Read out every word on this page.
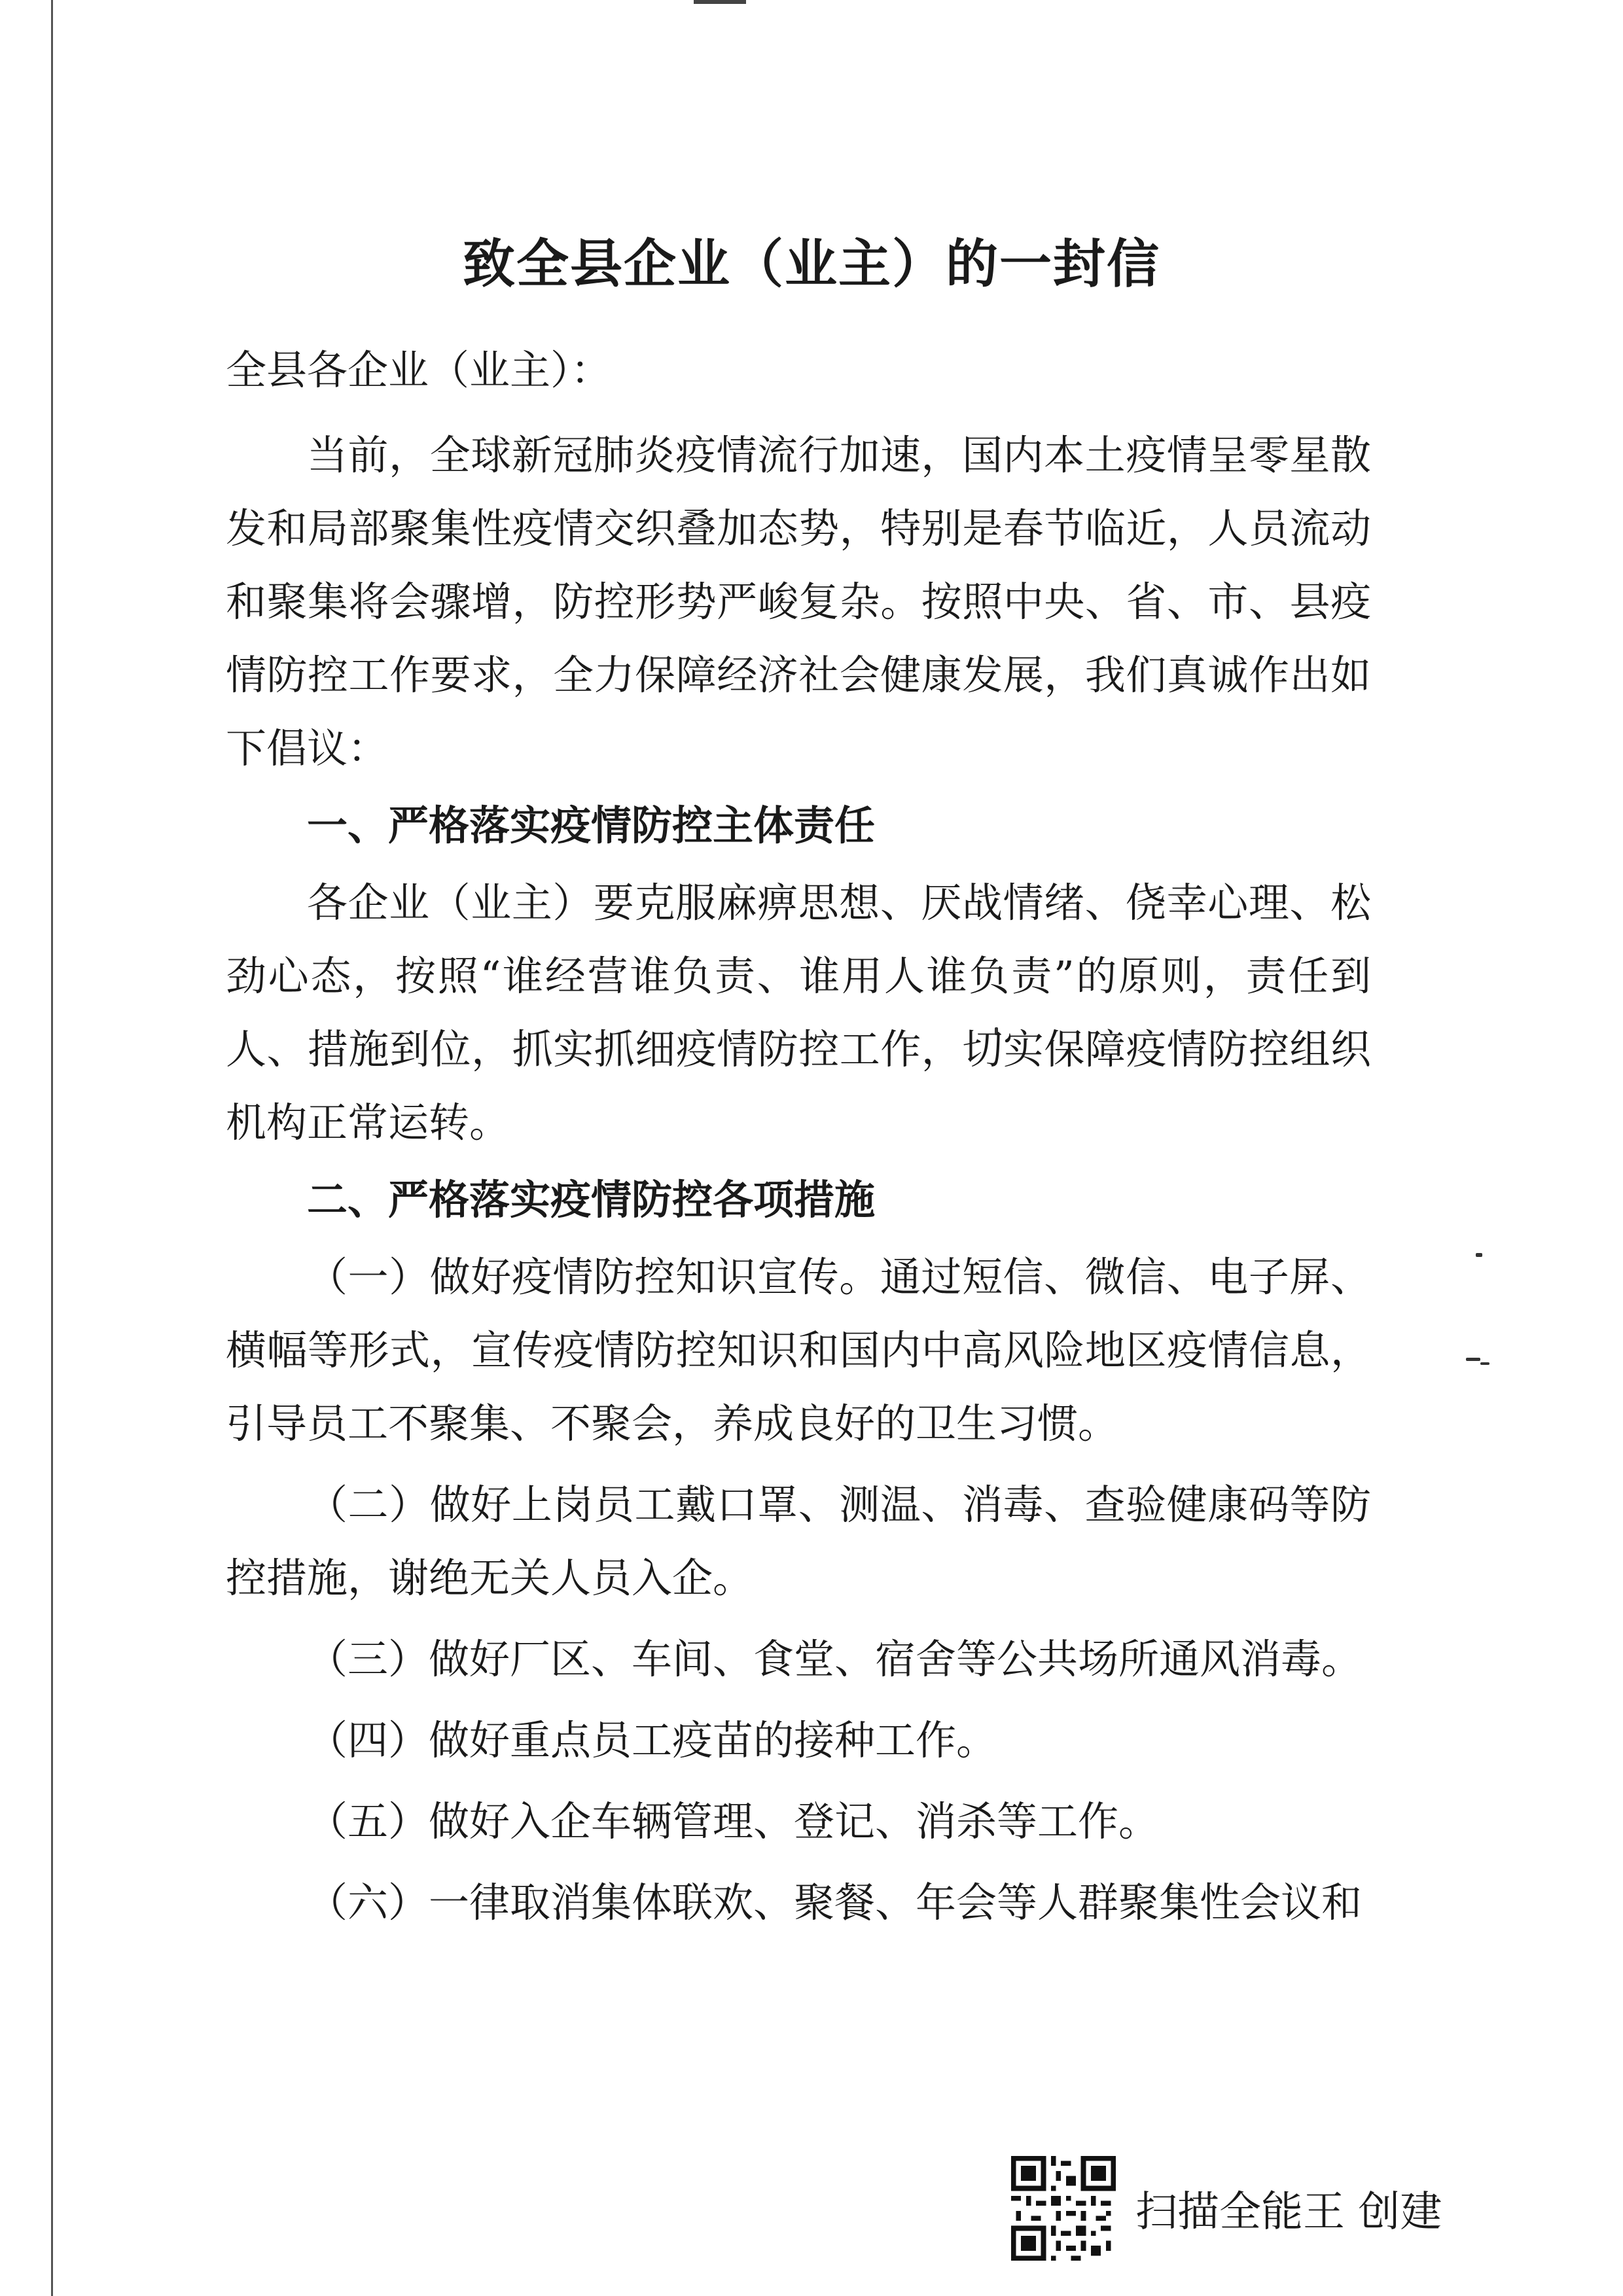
致全县企业（业主）的一封信
全县各企业（业主）：

当前，全球新冠肺炎疫情流行加速，国内本土疫情呈零星散发和局部聚集性疫情交织叠加态势，特别是春节临近，人员流动和聚集将会骤增，防控形势严峻复杂。按照中央、省、市、县疫情防控工作要求，全力保障经济社会健康发展，我们真诚作出如下倡议：

一、严格落实疫情防控主体责任

各企业（业主）要克服麻痹思想、厌战情绪、侥幸心理、松劲心态，按照“谁经营谁负责、谁用人谁负责”的原则，责任到人、措施到位，抓实抓细疫情防控工作，切实保障疫情防控组织机构正常运转。

二、严格落实疫情防控各项措施

（一）做好疫情防控知识宣传。通过短信、微信、电子屏、横幅等形式，宣传疫情防控知识和国内中高风险地区疫情信息，引导员工不聚集、不聚会，养成良好的卫生习惯。

（二）做好上岗员工戴口罩、测温、消毒、查验健康码等防控措施，谢绝无关人员入企。

（三）做好厂区、车间、食堂、宿舍等公共场所通风消毒。

（四）做好重点员工疫苗的接种工作。

（五）做好入企车辆管理、登记、消杀等工作。

（六）一律取消集体联欢、聚餐、年会等人群聚集性会议和

扫描全能王 创建
